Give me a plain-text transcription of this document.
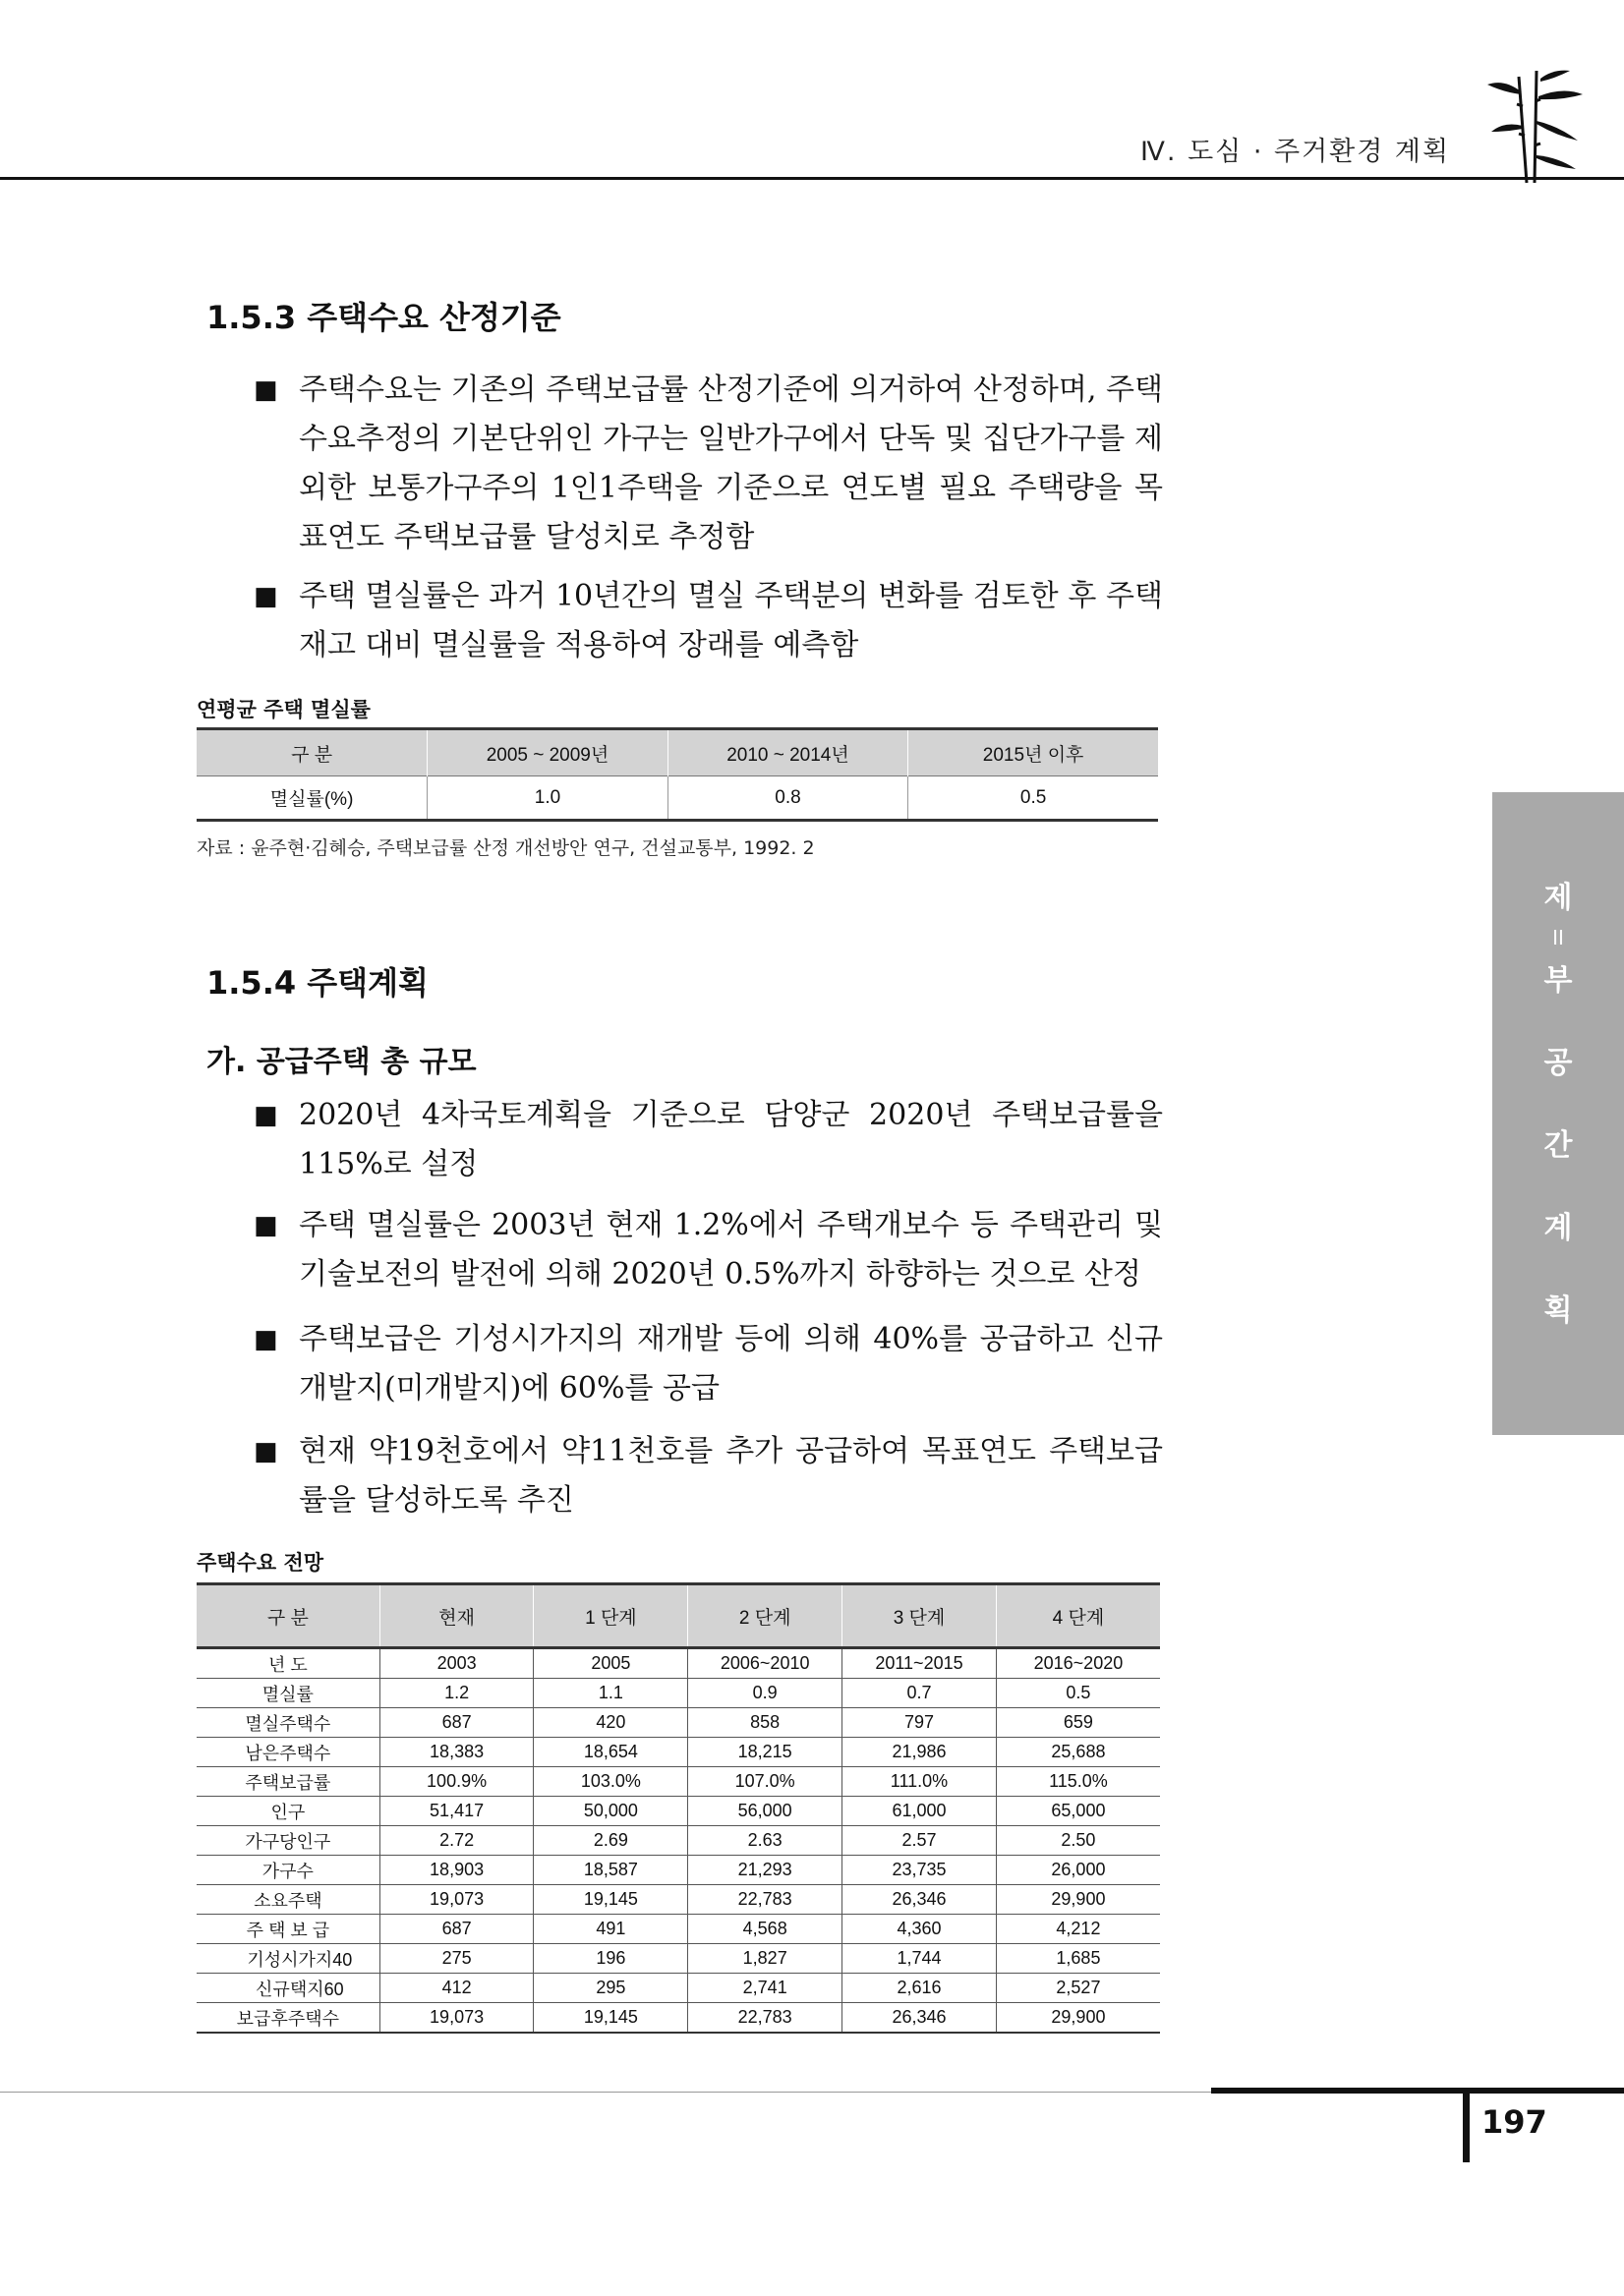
Ⅳ. 도심 · 주거환경 계획
1.5.3 주택수요 산정기준
■ 주택수요는 기존의 주택보급률 산정기준에 의거하여 산정하며, 주택수요추정의 기본단위인 가구는 일반가구에서 단독 및 집단가구를 제외한 보통가구주의 1인1주택을 기준으로 연도별 필요 주택량을 목표연도 주택보급률 달성치로 추정함
■ 주택 멸실률은 과거 10년간의 멸실 주택분의 변화를 검토한 후 주택재고 대비 멸실률을 적용하여 장래를 예측함
연평균 주택 멸실률
구 분	2005 ~ 2009년	2010 ~ 2014년	2015년 이후
멸실률(%)	1.0	0.8	0.5
자료 : 윤주현·김혜승, 주택보급률 산정 개선방안 연구, 건설교통부, 1992. 2
1.5.4 주택계획
가. 공급주택 총 규모
■ 2020년 4차국토계획을 기준으로 담양군 2020년 주택보급률을 115%로 설정
■ 주택 멸실률은 2003년 현재 1.2%에서 주택개보수 등 주택관리 및 기술보전의 발전에 의해 2020년 0.5%까지 하향하는 것으로 산정
■ 주택보급은 기성시가지의 재개발 등에 의해 40%를 공급하고 신규개발지(미개발지)에 60%를 공급
■ 현재 약19천호에서 약11천호를 추가 공급하여 목표연도 주택보급률을 달성하도록 추진
주택수요 전망
구 분	현재	1 단계	2 단계	3 단계	4 단계
년 도	2003	2005	2006~2010	2011~2015	2016~2020
멸실률	1.2	1.1	0.9	0.7	0.5
멸실주택수	687	420	858	797	659
남은주택수	18,383	18,654	18,215	21,986	25,688
주택보급률	100.9%	103.0%	107.0%	111.0%	115.0%
인구	51,417	50,000	56,000	61,000	65,000
가구당인구	2.72	2.69	2.63	2.57	2.50
가구수	18,903	18,587	21,293	23,735	26,000
소요주택	19,073	19,145	22,783	26,346	29,900
주 택 보 급	687	491	4,568	4,360	4,212
기성시가지40	275	196	1,827	1,744	1,685
신규택지60	412	295	2,741	2,616	2,527
보급후주택수	19,073	19,145	22,783	26,346	29,900
제
II
부
공
간
계
획
197
